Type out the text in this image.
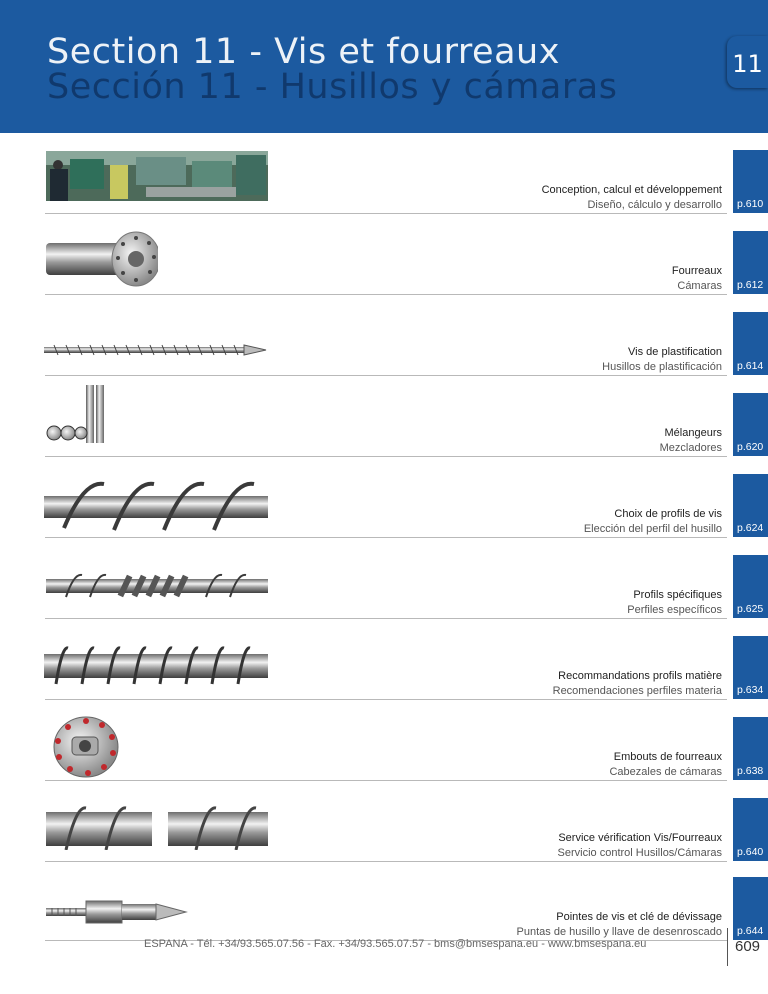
Section 11 - Vis et fourreaux
Sección 11 - Husillos y cámaras
11
Conception, calcul et développement
Diseño, cálculo y desarrollo p.610
Fourreaux
Cámaras p.612
Vis de plastification
Husillos de plastificación p.614
Mélangeurs
Mezcladores p.620
Choix de profils de vis
Elección del perfil del husillo p.624
Profils spécifiques
Perfiles específicos p.625
Recommandations profils matière
Recomendaciones perfiles materia p.634
Embouts de fourreaux
Cabezales de cámaras p.638
Service vérification Vis/Fourreaux
Servicio control Husillos/Cámaras p.640
Pointes de vis et clé de dévissage
Puntas de husillo y llave de desenroscado p.644
ESPANA - Tél. +34/93.565.07.56 - Fax. +34/93.565.07.57 - bms@bmsespana.eu - www.bmsespana.eu	609
